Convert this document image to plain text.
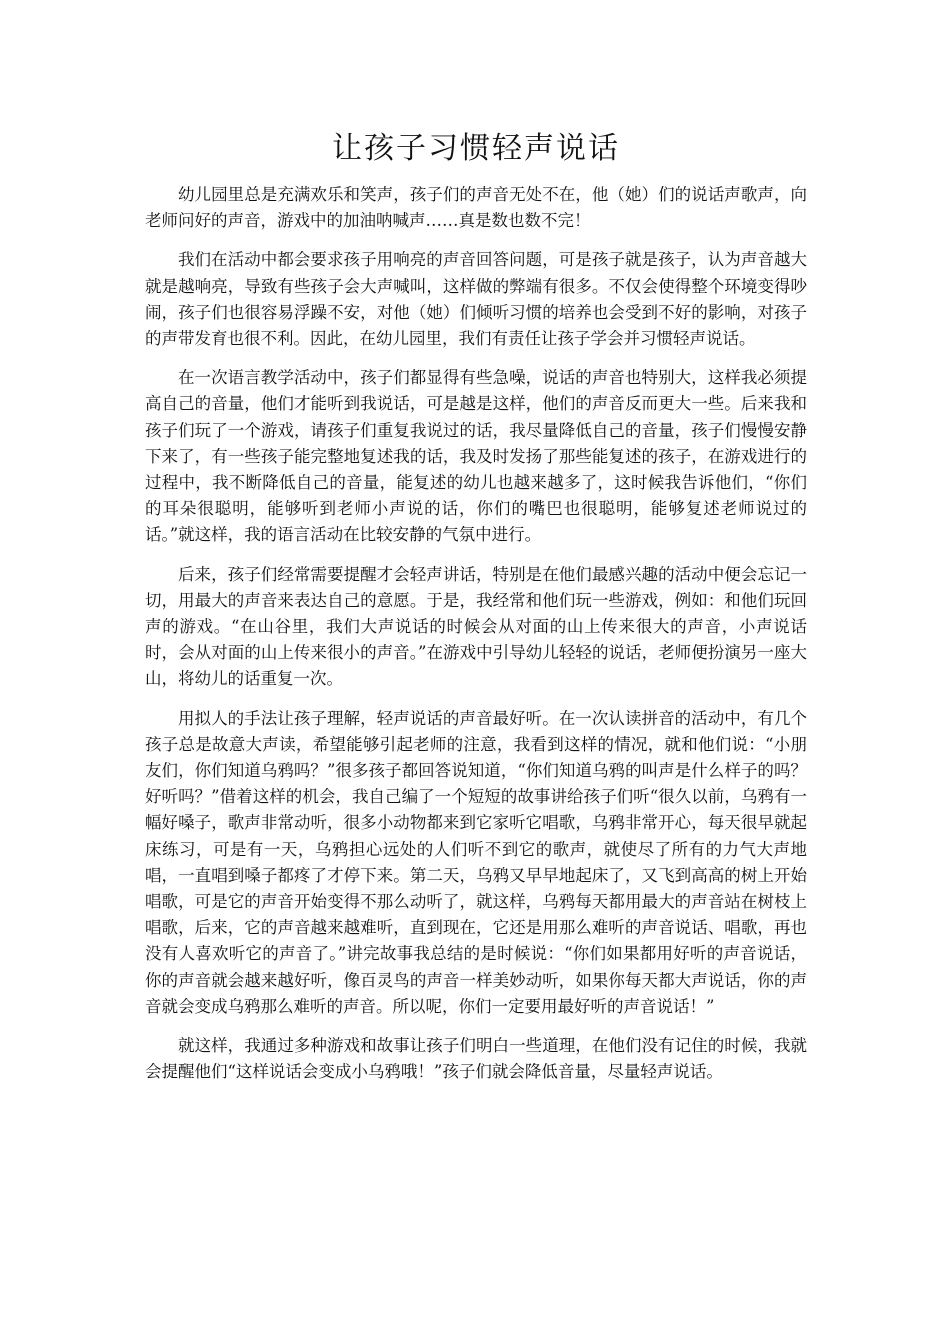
让孩子习惯轻声说话

幼儿园里总是充满欢乐和笑声，孩子们的声音无处不在，他（她）们的说话声歌声，向老师问好的声音，游戏中的加油呐喊声……真是数也数不完！

我们在活动中都会要求孩子用响亮的声音回答问题，可是孩子就是孩子，认为声音越大就是越响亮，导致有些孩子会大声喊叫，这样做的弊端有很多。不仅会使得整个环境变得吵闹，孩子们也很容易浮躁不安，对他（她）们倾听习惯的培养也会受到不好的影响，对孩子的声带发育也很不利。因此，在幼儿园里，我们有责任让孩子学会并习惯轻声说话。

在一次语言教学活动中，孩子们都显得有些急噪，说话的声音也特别大，这样我必须提高自己的音量，他们才能听到我说话，可是越是这样，他们的声音反而更大一些。后来我和孩子们玩了一个游戏，请孩子们重复我说过的话，我尽量降低自己的音量，孩子们慢慢安静下来了，有一些孩子能完整地复述我的话，我及时发扬了那些能复述的孩子，在游戏进行的过程中，我不断降低自己的音量，能复述的幼儿也越来越多了，这时候我告诉他们，“你们的耳朵很聪明，能够听到老师小声说的话，你们的嘴巴也很聪明，能够复述老师说过的话。”就这样，我的语言活动在比较安静的气氛中进行。

后来，孩子们经常需要提醒才会轻声讲话，特别是在他们最感兴趣的活动中便会忘记一切，用最大的声音来表达自己的意愿。于是，我经常和他们玩一些游戏，例如：和他们玩回声的游戏。“在山谷里，我们大声说话的时候会从对面的山上传来很大的声音，小声说话时，会从对面的山上传来很小的声音。”在游戏中引导幼儿轻轻的说话，老师便扮演另一座大山，将幼儿的话重复一次。

用拟人的手法让孩子理解，轻声说话的声音最好听。在一次认读拼音的活动中，有几个孩子总是故意大声读，希望能够引起老师的注意，我看到这样的情况，就和他们说：“小朋友们，你们知道乌鸦吗？”很多孩子都回答说知道，“你们知道乌鸦的叫声是什么样子的吗？好听吗？”借着这样的机会，我自己编了一个短短的故事讲给孩子们听“很久以前，乌鸦有一幅好嗓子，歌声非常动听，很多小动物都来到它家听它唱歌，乌鸦非常开心，每天很早就起床练习，可是有一天，乌鸦担心远处的人们听不到它的歌声，就使尽了所有的力气大声地唱，一直唱到嗓子都疼了才停下来。第二天，乌鸦又早早地起床了，又飞到高高的树上开始唱歌，可是它的声音开始变得不那么动听了，就这样，乌鸦每天都用最大的声音站在树枝上唱歌，后来，它的声音越来越难听，直到现在，它还是用那么难听的声音说话、唱歌，再也没有人喜欢听它的声音了。”讲完故事我总结的是时候说：“你们如果都用好听的声音说话，你的声音就会越来越好听，像百灵鸟的声音一样美妙动听，如果你每天都大声说话，你的声音就会变成乌鸦那么难听的声音。所以呢，你们一定要用最好听的声音说话！”

就这样，我通过多种游戏和故事让孩子们明白一些道理，在他们没有记住的时候，我就会提醒他们“这样说话会变成小乌鸦哦！”孩子们就会降低音量，尽量轻声说话。
